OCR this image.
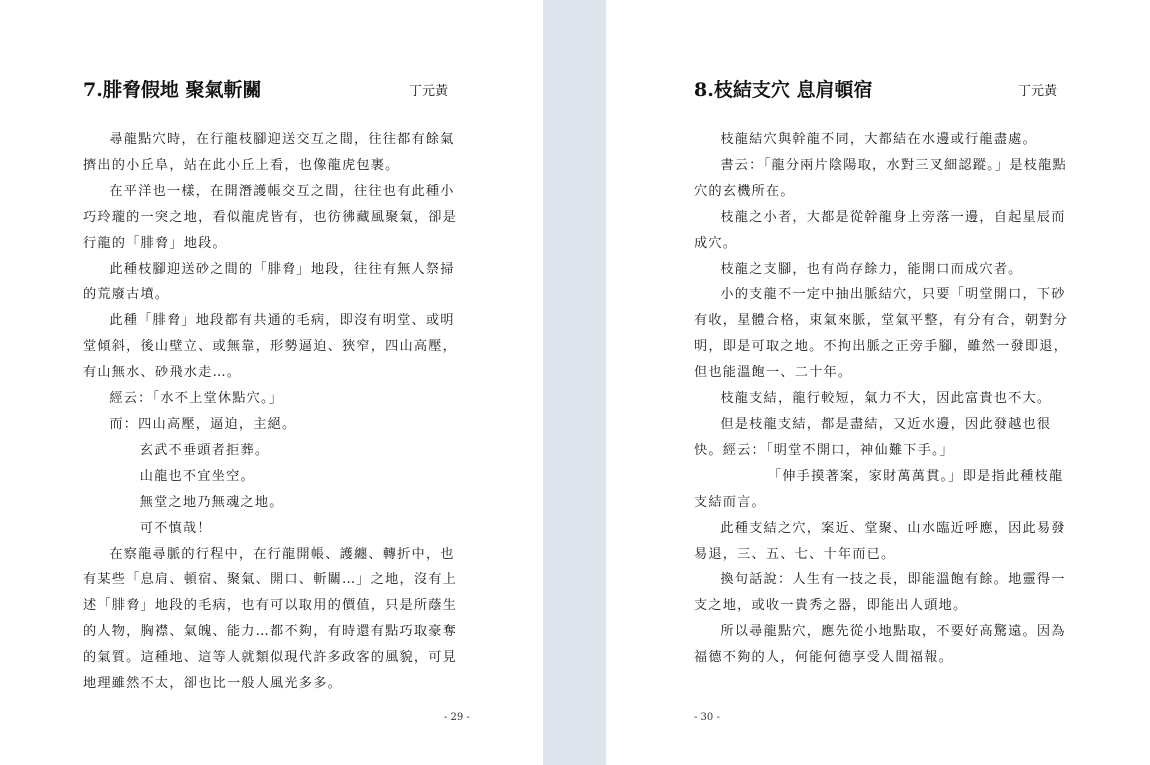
7.腓脅假地 聚氣斬關	丁元黃

尋龍點穴時，在行龍枝腳迎送交互之間，往往都有餘氣擠出的小丘阜，站在此小丘上看，也像龍虎包裹。

在平洋也一樣，在開潛護帳交互之間，往往也有此種小巧玲瓏的一突之地，看似龍虎皆有，也彷彿藏風聚氣，卻是行龍的「腓脅」地段。

此種枝腳迎送砂之間的「腓脅」地段，往往有無人祭掃的荒廢古墳。

此種「腓脅」地段都有共通的毛病，即沒有明堂、或明堂傾斜，後山壁立、或無靠，形勢逼迫、狹窄，四山高壓，有山無水、砂飛水走…。

經云：「水不上堂休點穴。」

而：四山高壓，逼迫，主絕。

玄武不垂頭者拒葬。

山龍也不宜坐空。

無堂之地乃無魂之地。

可不慎哉！

在察龍尋脈的行程中，在行龍開帳、護纏、轉折中，也有某些「息肩、頓宿、聚氣、開口、斬關…」之地，沒有上述「腓脅」地段的毛病，也有可以取用的價值，只是所蔭生的人物，胸襟、氣魄、能力…都不夠，有時還有點巧取豪奪的氣質。這種地、這等人就類似現代許多政客的風貌，可見地理雖然不太，卻也比一般人風光多多。

- 29 -
8.枝結支穴 息肩頓宿	丁元黃

枝龍結穴與幹龍不同，大都結在水邊或行龍盡處。

書云：「龍分兩片陰陽取，水對三叉細認蹤。」是枝龍點穴的玄機所在。

枝龍之小者，大都是從幹龍身上旁落一邊，自起星辰而成穴。

枝龍之支腳，也有尚存餘力，能開口而成穴者。

小的支龍不一定中抽出脈結穴，只要「明堂開口，下砂有收，星體合格，束氣來脈，堂氣平整，有分有合，朝對分明，即是可取之地。不拘出脈之正旁手腳，雖然一發即退，但也能溫飽一、二十年。

枝龍支結，龍行較短，氣力不大，因此富貴也不大。

但是枝龍支結，都是盡結，又近水邊，因此發越也很快。經云：「明堂不開口，神仙難下手。」

「伸手摸著案，家財萬萬貫。」即是指此種枝龍支結而言。

此種支結之穴，案近、堂聚、山水臨近呼應，因此易發易退，三、五、七、十年而已。

換句話說：人生有一技之長，即能溫飽有餘。地靈得一支之地，或收一貴秀之器，即能出人頭地。

所以尋龍點穴，應先從小地點取，不要好高驚遠。因為福德不夠的人，何能何德享受人間福報。

- 30 -
